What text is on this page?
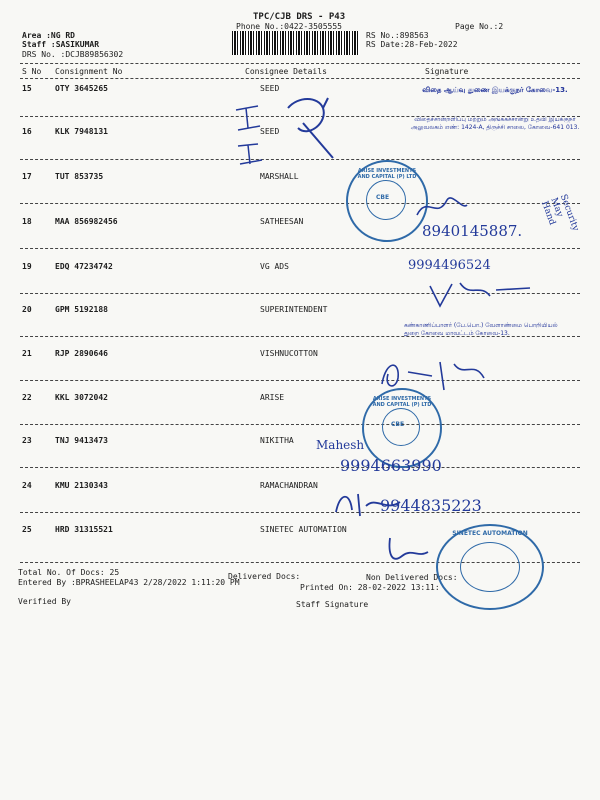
TPC/CJB DRS - P43
Phone No.:0422-3505555	Page No.:2
Area :NG RD
Staff :SASIKUMAR
DRS No. :DCJB89856302
RS No.:898563
RS Date:28-Feb-2022
S No Consignment No	Consignee Details	Signature
15	OTY 3645265	SEED
16	KLK 7948131	SEED
17	TUT 853735	MARSHALL
18	MAA 856982456	SATHEESAN
19	EDQ 47234742	VG ADS
20	GPM 5192188	SUPERINTENDENT
21	RJP 2890646	VISHNUCOTTON
22	KKL 3072042	ARISE
23	TNJ 9413473	NIKITHA
24	KMU 2130343	RAMACHANDRAN
25	HRD 31315521	SINETEC AUTOMATION
Total No. Of Docs: 25	Delivered Docs:	Non Delivered Docs:
Entered By :BPRASHEELAP43 2/28/2022 1:11:20 PM
Printed On: 28-02-2022 13:11:
Verified By	Staff Signature
விதை ஆய்வு துணை இயக்குநர் கோவை-13.
விதைச்சான்றளிப்பு மற்றும் அங்ககச்சான்று உதவி இயக்குநர் அலுவலகம் எண்: 1424-A, திருச்சி சாலை, கோவை-641 013.
CBE
ARISE INVESTMENTS AND CAPITAL (P) LTD
8940145887.
9994496524
Security May Hand
கண்காணிப்பாளர் (பே.பொ.) வேளாண்மை பொறியியல் துறை கோவை மாவட்டம் கோவை-13.
CBE
ARISE INVESTMENTS AND CAPITAL (P) LTD
Mahesh
9994663990
9944835223
SINETEC AUTOMATION
